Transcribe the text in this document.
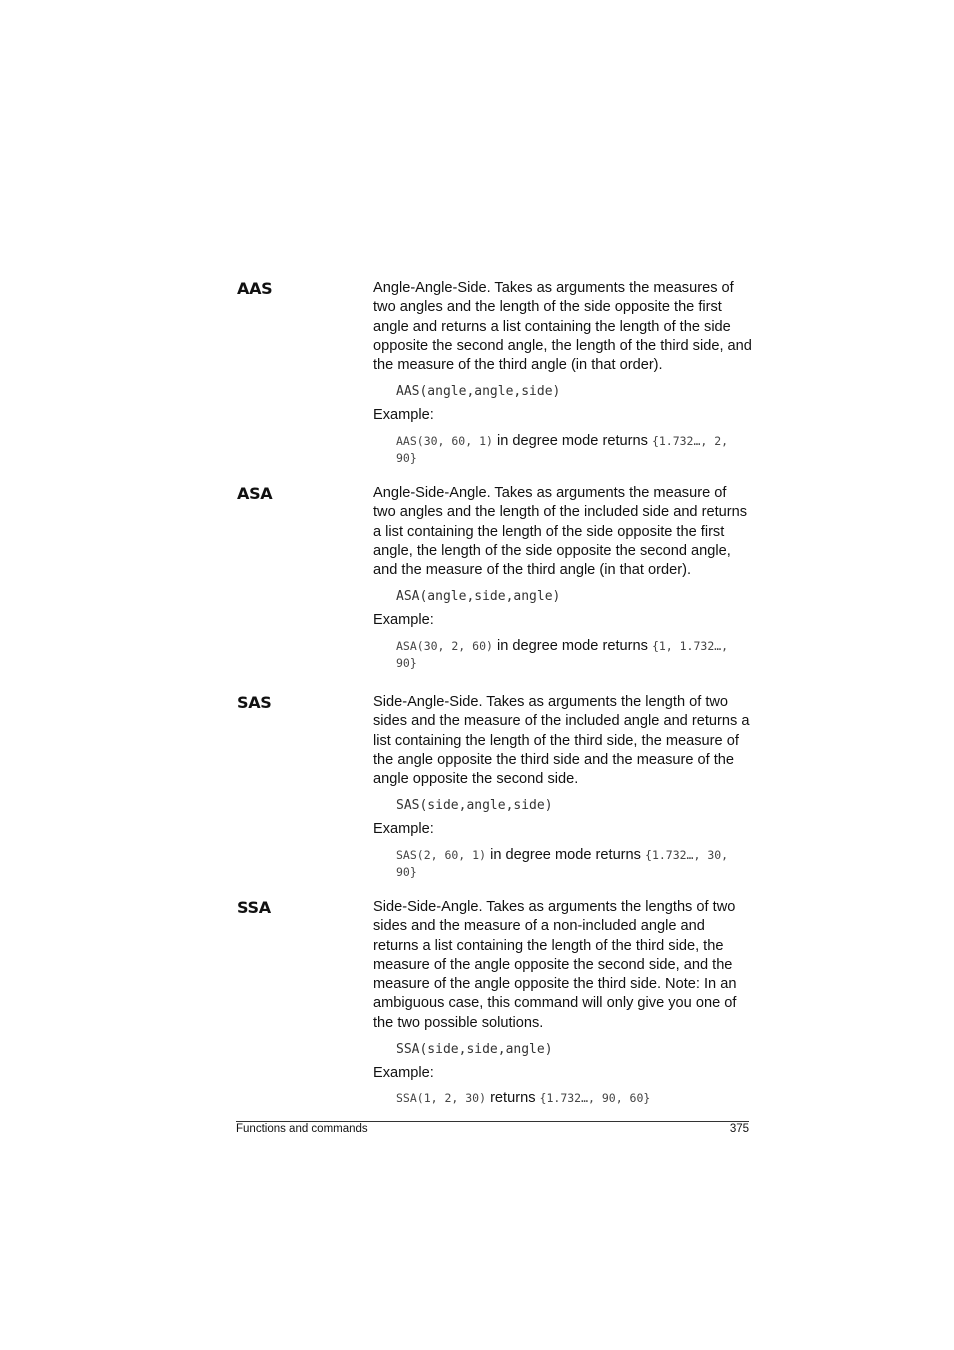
AAS	Angle-Angle-Side. Takes as arguments the measures of two angles and the length of the side opposite the first angle and returns a list containing the length of the side opposite the second angle, the length of the third side, and the measure of the third angle (in that order).

AAS(angle,angle,side)

Example:

AAS(30, 60, 1) in degree mode returns {1.732…, 2, 90}

ASA	Angle-Side-Angle. Takes as arguments the measure of two angles and the length of the included side and returns a list containing the length of the side opposite the first angle, the length of the side opposite the second angle, and the measure of the third angle (in that order).

ASA(angle,side,angle)

Example:

ASA(30, 2, 60) in degree mode returns {1, 1.732…, 90}

SAS	Side-Angle-Side. Takes as arguments the length of two sides and the measure of the included angle and returns a list containing the length of the third side, the measure of the angle opposite the third side and the measure of the angle opposite the second side.

SAS(side,angle,side)

Example:

SAS(2, 60, 1) in degree mode returns {1.732…, 30, 90}

SSA	Side-Side-Angle. Takes as arguments the lengths of two sides and the measure of a non-included angle and returns a list containing the length of the third side, the measure of the angle opposite the second side, and the measure of the angle opposite the third side. Note: In an ambiguous case, this command will only give you one of the two possible solutions.

SSA(side,side,angle)

Example:

SSA(1, 2, 30) returns {1.732…, 90, 60}

Functions and commands	375
